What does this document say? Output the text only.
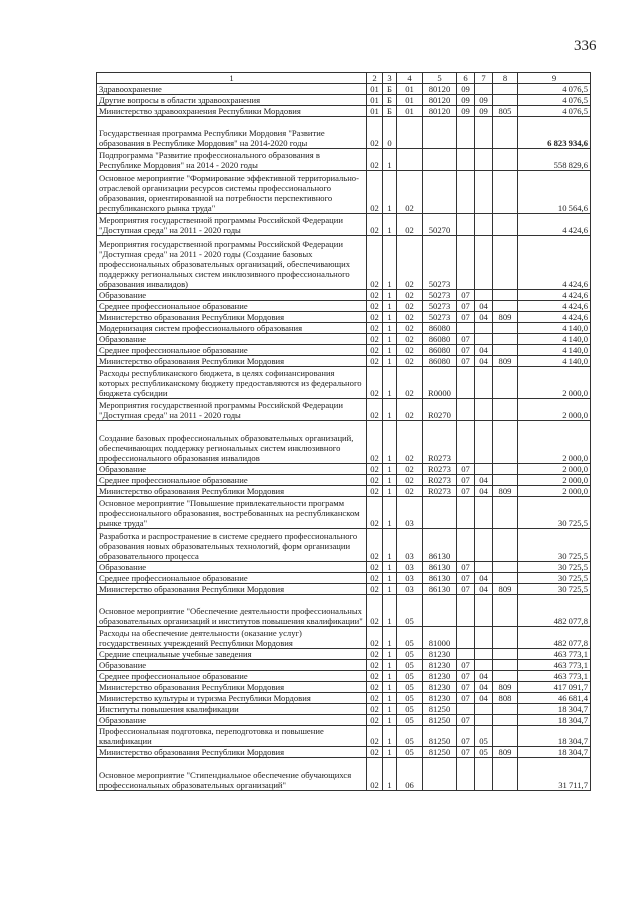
336
1	2	3	4	5	6	7	8	9
Здравоохранение	01	Б	01	80120	09			4 076,5
Другие вопросы в области здравоохранения	01	Б	01	80120	09	09		4 076,5
Министерство здравоохранения Республики Мордовия	01	Б	01	80120	09	09	805	4 076,5
Государственная программа Республики Мордовия "Развитие образования в Республике Мордовия" на 2014-2020 годы	02	0						6 823 934,6
Подпрограмма "Развитие профессионального образования в Республике Мордовия" на 2014 - 2020 годы	02	1						558 829,6
Основное мероприятие "Формирование эффективной территориально-отраслевой организации ресурсов системы профессионального образования, ориентированной на потребности перспективного республиканского рынка труда"	02	1	02					10 564,6
Мероприятия государственной программы Российской Федерации "Доступная среда" на 2011 - 2020 годы	02	1	02	50270				4 424,6
Мероприятия государственной программы Российской Федерации "Доступная среда" на 2011 - 2020 годы (Создание базовых профессиональных образовательных организаций, обеспечивающих поддержку региональных систем инклюзивного профессионального образования инвалидов)	02	1	02	50273				4 424,6
Образование	02	1	02	50273	07			4 424,6
Среднее профессиональное образование	02	1	02	50273	07	04		4 424,6
Министерство образования Республики Мордовия	02	1	02	50273	07	04	809	4 424,6
Модернизация систем профессионального образования	02	1	02	86080				4 140,0
Образование	02	1	02	86080	07			4 140,0
Среднее профессиональное образование	02	1	02	86080	07	04		4 140,0
Министерство образования Республики Мордовия	02	1	02	86080	07	04	809	4 140,0
Расходы республиканского бюджета, в целях софинансирования которых республиканскому бюджету предоставляются из федерального бюджета субсидии	02	1	02	R0000				2 000,0
Мероприятия государственной программы Российской Федерации "Доступная среда" на 2011 - 2020 годы	02	1	02	R0270				2 000,0
Создание базовых профессиональных образовательных организаций, обеспечивающих поддержку региональных систем инклюзивного профессионального образования инвалидов	02	1	02	R0273				2 000,0
Образование	02	1	02	R0273	07			2 000,0
Среднее профессиональное образование	02	1	02	R0273	07	04		2 000,0
Министерство образования Республики Мордовия	02	1	02	R0273	07	04	809	2 000,0
Основное мероприятие "Повышение привлекательности программ профессионального образования, востребованных на республиканском рынке труда"	02	1	03					30 725,5
Разработка и распространение в системе среднего профессионального образования новых образовательных технологий, форм организации образовательного процесса	02	1	03	86130				30 725,5
Образование	02	1	03	86130	07			30 725,5
Среднее профессиональное образование	02	1	03	86130	07	04		30 725,5
Министерство образования Республики Мордовия	02	1	03	86130	07	04	809	30 725,5
Основное мероприятие "Обеспечение деятельности профессиональных образовательных организаций и институтов повышения квалификации"	02	1	05					482 077,8
Расходы на обеспечение деятельности (оказание услуг) государственных учреждений Республики Мордовия	02	1	05	81000				482 077,8
Средние специальные учебные заведения	02	1	05	81230				463 773,1
Образование	02	1	05	81230	07			463 773,1
Среднее профессиональное образование	02	1	05	81230	07	04		463 773,1
Министерство образования Республики Мордовия	02	1	05	81230	07	04	809	417 091,7
Министерство культуры и туризма Республики Мордовия	02	1	05	81230	07	04	808	46 681,4
Институты повышения квалификации	02	1	05	81250				18 304,7
Образование	02	1	05	81250	07			18 304,7
Профессиональная подготовка, переподготовка и повышение квалификации	02	1	05	81250	07	05		18 304,7
Министерство образования Республики Мордовия	02	1	05	81250	07	05	809	18 304,7
Основное мероприятие "Стипендиальное обеспечение обучающихся профессиональных образовательных организаций"	02	1	06					31 711,7
